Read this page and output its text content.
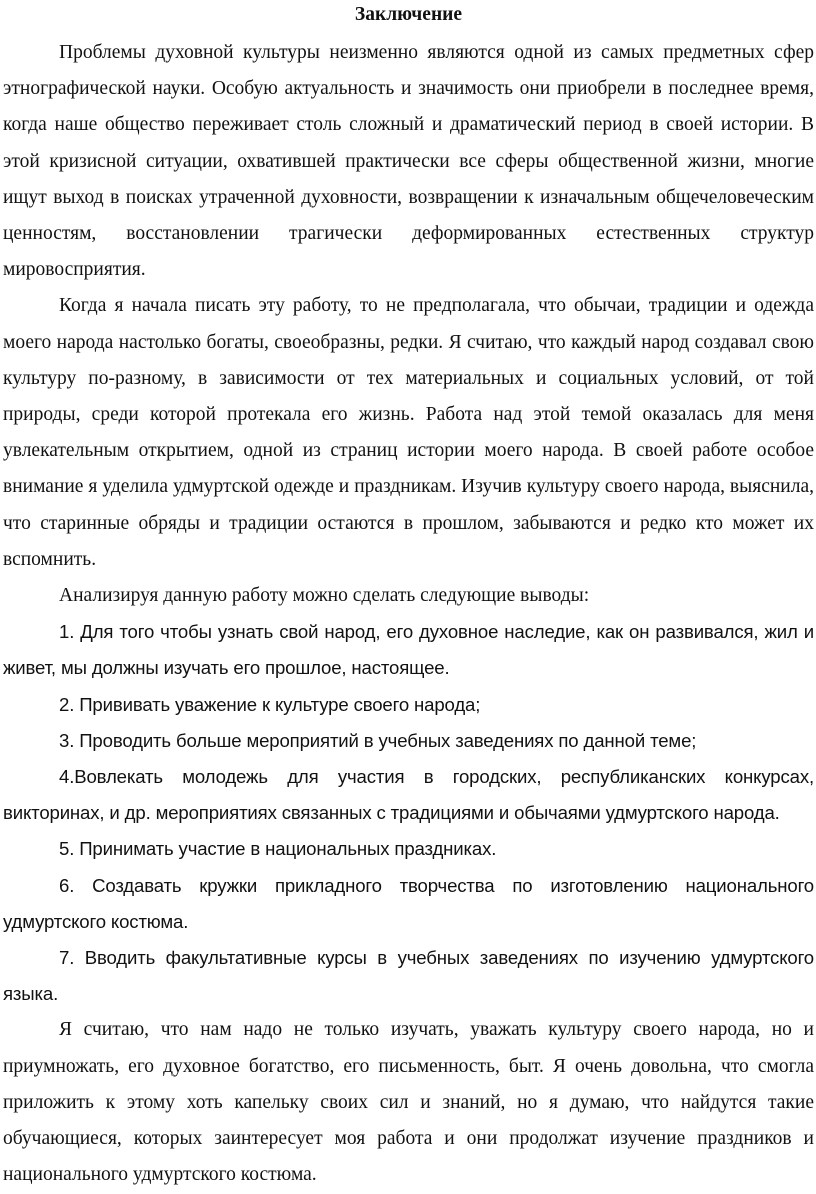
Заключение

Проблемы духовной культуры неизменно являются одной из самых предметных сфер этнографической науки. Особую актуальность и значимость они приобрели в последнее время, когда наше общество переживает столь сложный и драматический период в своей истории. В этой кризисной ситуации, охватившей практически все сферы общественной жизни, многие ищут выход в поисках утраченной духовности, возвращении к изначальным общечеловеческим ценностям, восстановлении трагически деформированных естественных структур мировосприятия.

Когда я начала писать эту работу, то не предполагала, что обычаи, традиции и одежда моего народа настолько богаты, своеобразны, редки. Я считаю, что каждый народ создавал свою культуру по-разному, в зависимости от тех материальных и социальных условий, от той природы, среди которой протекала его жизнь. Работа над этой темой оказалась для меня увлекательным открытием, одной из страниц истории моего народа. В своей работе особое внимание я уделила удмуртской одежде и праздникам. Изучив культуру своего народа, выяснила, что старинные обряды и традиции остаются в прошлом, забываются и редко кто может их вспомнить.

Анализируя данную работу можно сделать следующие выводы:

1. Для того чтобы узнать свой народ, его духовное наследие, как он развивался, жил и живет, мы должны изучать его прошлое, настоящее.

2. Прививать уважение к культуре своего народа;

3. Проводить больше мероприятий в учебных заведениях по данной теме;

4.Вовлекать молодежь для участия в городских, республиканских конкурсах, викторинах, и др. мероприятиях связанных с традициями и обычаями удмуртского народа.

5. Принимать участие в национальных праздниках.

6. Создавать кружки прикладного творчества по изготовлению национального удмуртского костюма.

7. Вводить факультативные курсы в учебных заведениях по изучению удмуртского языка.

Я считаю, что нам надо не только изучать, уважать культуру своего народа, но и приумножать, его духовное богатство, его письменность, быт. Я очень довольна, что смогла приложить к этому хоть капельку своих сил и знаний, но я думаю, что найдутся такие обучающиеся, которых заинтересует моя работа и они продолжат изучение праздников и национального удмуртского костюма.
